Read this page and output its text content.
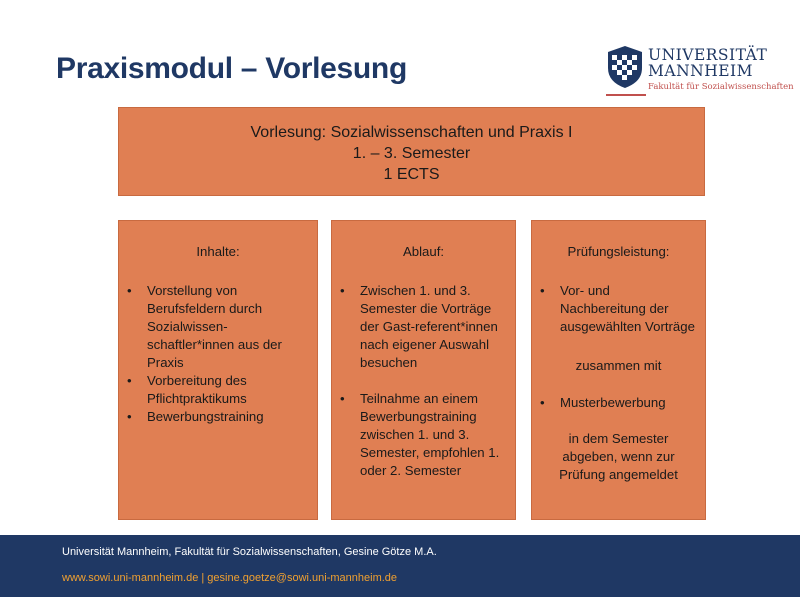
Praxismodul – Vorlesung	UNIVERSITÄT
MANNHEIM
Fakultät für Sozialwissenschaften
Vorlesung: Sozialwissenschaften und Praxis I
1. – 3. Semester
1 ECTS
Inhalte:
• Vorstellung von Berufsfeldern durch Sozialwissen-schaftler*innen aus der Praxis
• Vorbereitung des Pflichtpraktikums
• Bewerbungstraining
Ablauf:
• Zwischen 1. und 3. Semester die Vorträge der Gast-referent*innen nach eigener Auswahl besuchen
• Teilnahme an einem Bewerbungstraining zwischen 1. und 3. Semester, empfohlen 1. oder 2. Semester
Prüfungsleistung:
• Vor- und Nachbereitung der ausgewählten Vorträge
zusammen mit
• Musterbewerbung
in dem Semester abgeben, wenn zur Prüfung angemeldet
Universität Mannheim, Fakultät für Sozialwissenschaften, Gesine Götze M.A.
www.sowi.uni-mannheim.de | gesine.goetze@sowi.uni-mannheim.de
